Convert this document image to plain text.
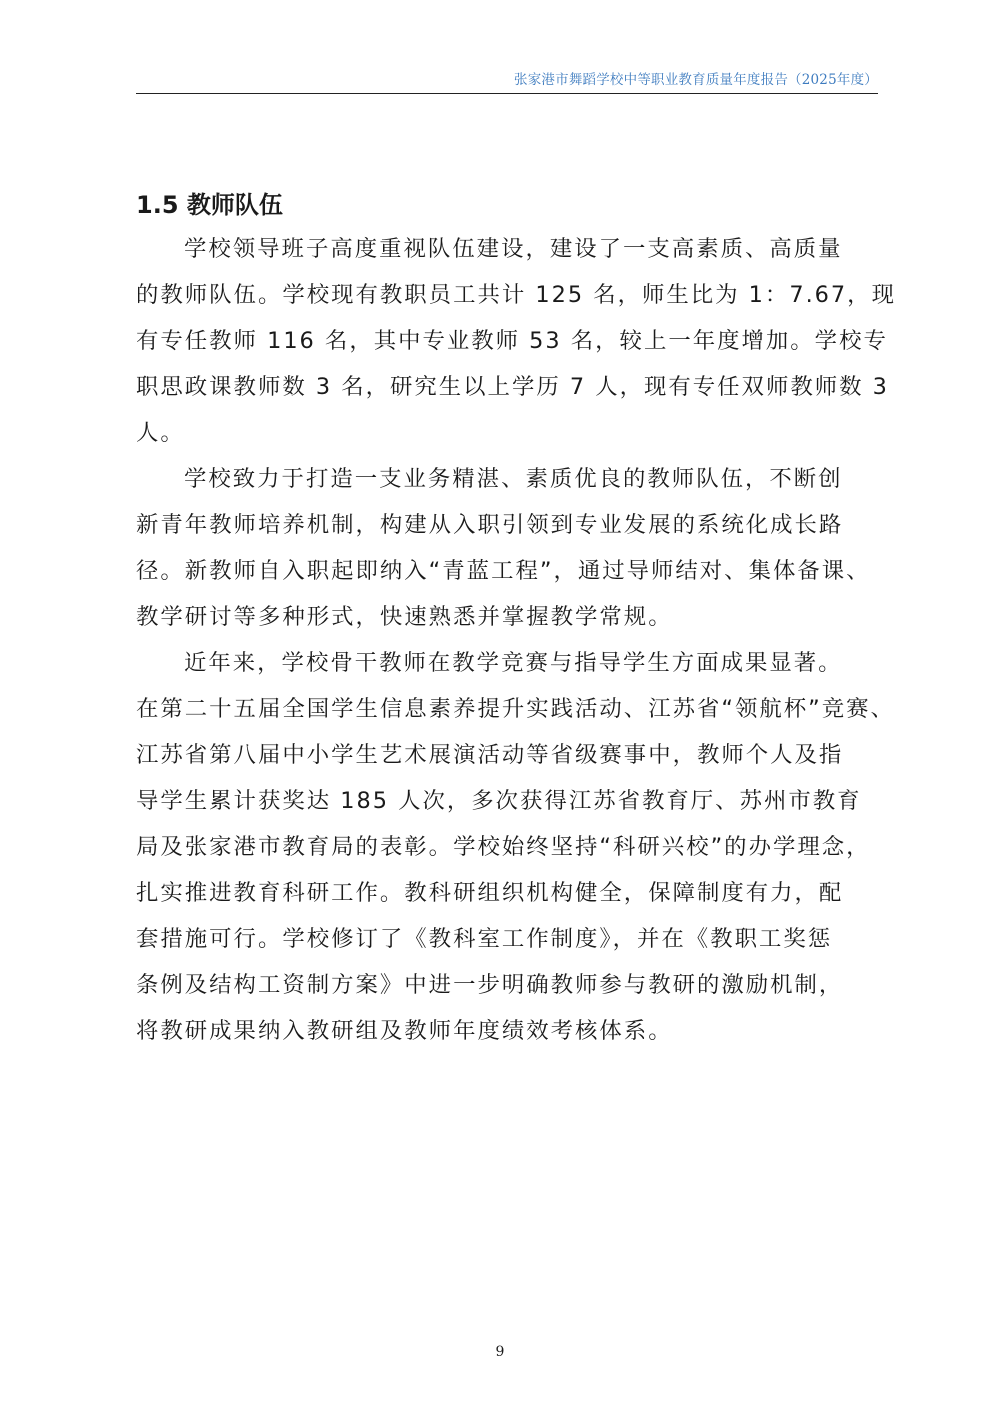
张家港市舞蹈学校中等职业教育质量年度报告（2025年度）
1.5 教师队伍
学校领导班子高度重视队伍建设，建设了一支高素质、高质量
的教师队伍。学校现有教职员工共计 125 名，师生比为 1：7.67，现
有专任教师 116 名，其中专业教师 53 名，较上一年度增加。学校专
职思政课教师数 3 名，研究生以上学历 7 人，现有专任双师教师数 3
人。
学校致力于打造一支业务精湛、素质优良的教师队伍，不断创
新青年教师培养机制，构建从入职引领到专业发展的系统化成长路
径。新教师自入职起即纳入“青蓝工程”，通过导师结对、集体备课、
教学研讨等多种形式，快速熟悉并掌握教学常规。
近年来，学校骨干教师在教学竞赛与指导学生方面成果显著。
在第二十五届全国学生信息素养提升实践活动、江苏省“领航杯”竞赛、
江苏省第八届中小学生艺术展演活动等省级赛事中，教师个人及指
导学生累计获奖达 185 人次，多次获得江苏省教育厅、苏州市教育
局及张家港市教育局的表彰。学校始终坚持“科研兴校”的办学理念，
扎实推进教育科研工作。教科研组织机构健全，保障制度有力，配
套措施可行。学校修订了《教科室工作制度》，并在《教职工奖惩
条例及结构工资制方案》中进一步明确教师参与教研的激励机制，
将教研成果纳入教研组及教师年度绩效考核体系。
9
